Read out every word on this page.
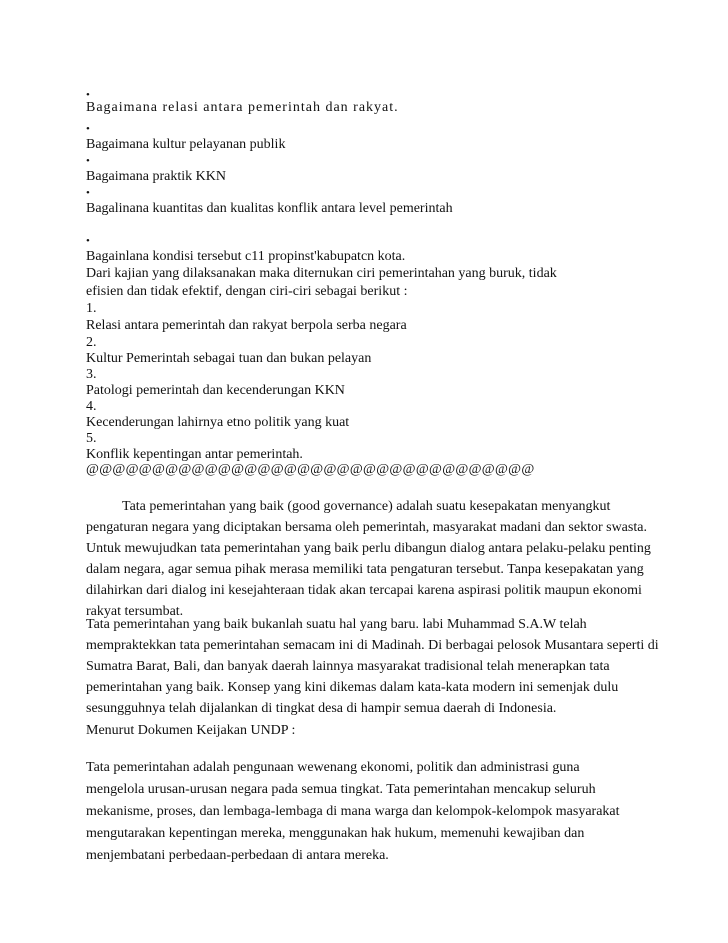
•
Bagaimana relasi antara pemerintah dan rakyat.
•
Bagaimana kultur pelayanan publik
•
Bagaimana praktik KKN
•
Bagalinana kuantitas dan kualitas konflik antara level pemerintah
•
Bagainlana kondisi tersebut c11 propinst'kabupatcn kota.
Dari kajian yang dilaksanakan maka diternukan ciri pemerintahan yang buruk, tidak
efisien dan tidak efektif, dengan ciri-ciri sebagai berikut :
1.
Relasi antara pemerintah dan rakyat berpola serba negara
2.
Kultur Pemerintah sebagai tuan dan bukan pelayan
3.
Patologi pemerintah dan kecenderungan KKN
4.
Kecenderungan lahirnya etno politik yang kuat
5.
Konflik kepentingan antar pemerintah.
@@@@@@@@@@@@@@@@@@@@@@@@@@@@@@@@@@
Tata pemerintahan yang baik (good governance) adalah suatu kesepakatan menyangkut
pengaturan negara yang diciptakan bersama oleh pemerintah, masyarakat madani dan sektor swasta.
Untuk mewujudkan tata pemerintahan yang baik perlu dibangun dialog antara pelaku-pelaku penting
dalam negara, agar semua pihak merasa memiliki tata pengaturan tersebut. Tanpa kesepakatan yang
dilahirkan dari dialog ini kesejahteraan tidak akan tercapai karena aspirasi politik maupun ekonomi
rakyat tersumbat.
Tata pemerintahan yang baik bukanlah suatu hal yang baru. labi Muhammad S.A.W telah
mempraktekkan tata pemerintahan semacam ini di Madinah. Di berbagai pelosok Musantara seperti di
Sumatra Barat, Bali, dan banyak daerah lainnya masyarakat tradisional telah menerapkan tata
pemerintahan yang baik. Konsep yang kini dikemas dalam kata-kata modern ini semenjak dulu
sesungguhnya telah dijalankan di tingkat desa di hampir semua daerah di Indonesia.
Menurut Dokumen Keijakan UNDP :
Tata pemerintahan adalah pengunaan wewenang ekonomi, politik dan administrasi guna
mengelola urusan-urusan negara pada semua tingkat. Tata pemerintahan mencakup seluruh
mekanisme, proses, dan lembaga-lembaga di mana warga dan kelompok-kelompok masyarakat
mengutarakan kepentingan mereka, menggunakan hak hukum, memenuhi kewajiban dan
menjembatani perbedaan-perbedaan di antara mereka.
